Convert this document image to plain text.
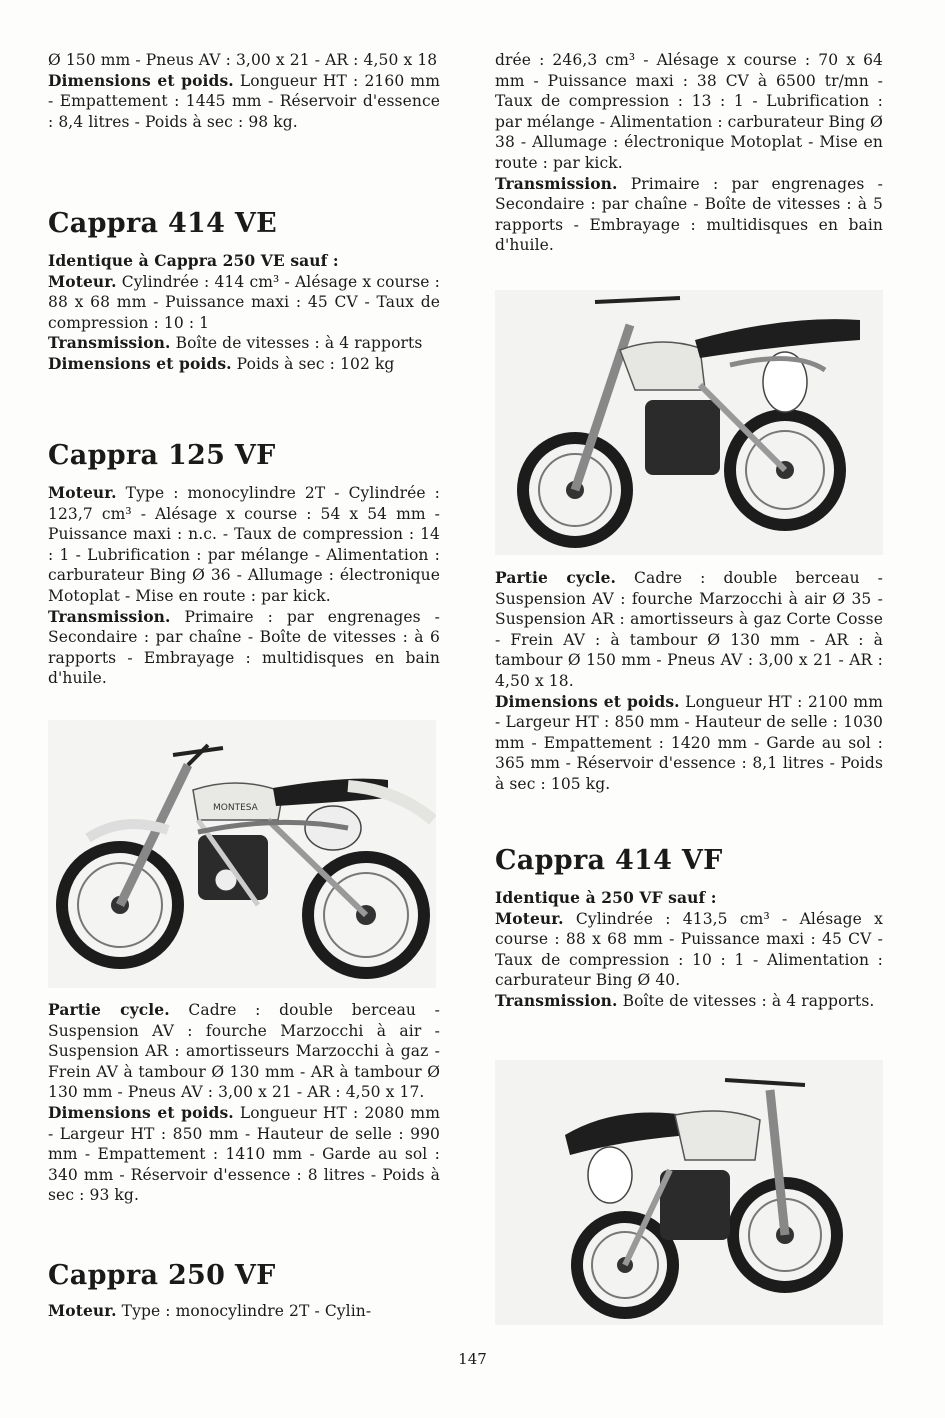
Ø 150 mm - Pneus AV : 3,00 x 21 - AR : 4,50 x 18
Dimensions et poids. Longueur HT : 2160 mm - Empattement : 1445 mm - Réservoir d'essence : 8,4 litres - Poids à sec : 98 kg.

Cappra 414 VE

Identique à Cappra 250 VE sauf :
Moteur. Cylindrée : 414 cm³ - Alésage x course : 88 x 68 mm - Puissance maxi : 45 CV - Taux de compression : 10 : 1
Transmission. Boîte de vitesses : à 4 rapports
Dimensions et poids. Poids à sec : 102 kg

Cappra 125 VF

Moteur. Type : monocylindre 2T - Cylindrée : 123,7 cm³ - Alésage x course : 54 x 54 mm - Puissance maxi : n.c. - Taux de compression : 14 : 1 - Lubrification : par mélange - Alimentation : carburateur Bing Ø 36 - Allumage : électronique Motoplat - Mise en route : par kick.
Transmission. Primaire : par engrenages - Secondaire : par chaîne - Boîte de vitesses : à 6 rapports - Embrayage : multidisques en bain d'huile.

MONTESA

Partie cycle. Cadre : double berceau - Suspension AV : fourche Marzocchi à air - Suspension AR : amortisseurs Marzocchi à gaz - Frein AV à tambour Ø 130 mm - AR à tambour Ø 130 mm - Pneus AV : 3,00 x 21 - AR : 4,50 x 17.
Dimensions et poids. Longueur HT : 2080 mm - Largeur HT : 850 mm - Hauteur de selle : 990 mm - Empattement : 1410 mm - Garde au sol : 340 mm - Réservoir d'essence : 8 litres - Poids à sec : 93 kg.

Cappra 250 VF

Moteur. Type : monocylindre 2T - Cylin-

drée : 246,3 cm³ - Alésage x course : 70 x 64 mm - Puissance maxi : 38 CV à 6500 tr/mn - Taux de compression : 13 : 1 - Lubrification : par mélange - Alimentation : carburateur Bing Ø 38 - Allumage : électronique Motoplat - Mise en route : par kick.
Transmission. Primaire : par engrenages - Secondaire : par chaîne - Boîte de vitesses : à 5 rapports - Embrayage : multidisques en bain d'huile.

Partie cycle. Cadre : double berceau - Suspension AV : fourche Marzocchi à air Ø 35 - Suspension AR : amortisseurs à gaz Corte Cosse - Frein AV : à tambour Ø 130 mm - AR : à tambour Ø 150 mm - Pneus AV : 3,00 x 21 - AR : 4,50 x 18.
Dimensions et poids. Longueur HT : 2100 mm - Largeur HT : 850 mm - Hauteur de selle : 1030 mm - Empattement : 1420 mm - Garde au sol : 365 mm - Réservoir d'essence : 8,1 litres - Poids à sec : 105 kg.

Cappra 414 VF

Identique à 250 VF sauf :
Moteur. Cylindrée : 413,5 cm³ - Alésage x course : 88 x 68 mm - Puissance maxi : 45 CV - Taux de compression : 10 : 1 - Alimentation : carburateur Bing Ø 40.
Transmission. Boîte de vitesses : à 4 rapports.

147
